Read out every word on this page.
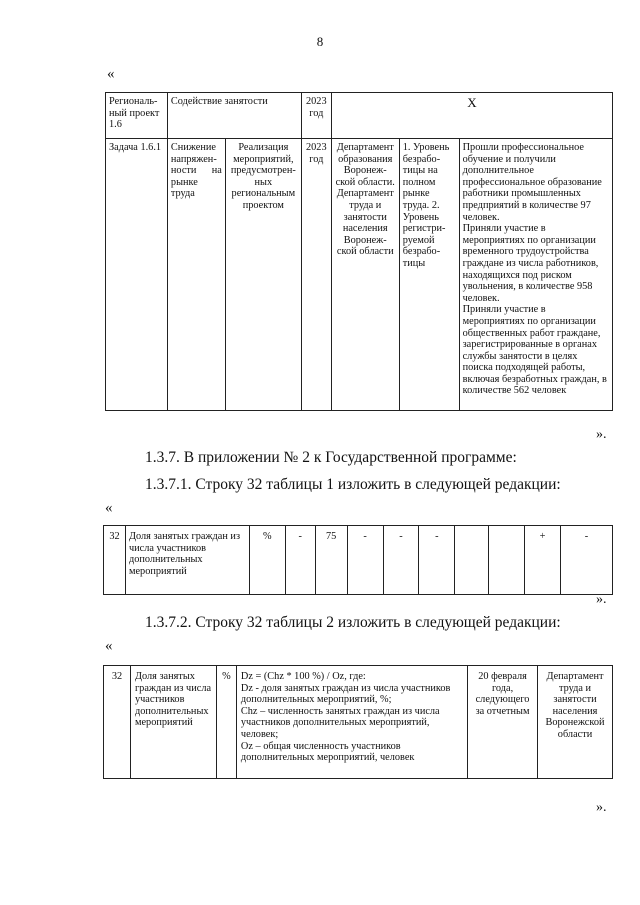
8
«
Региональ-ный проект 1.6	Содействие занятости		2023 год	X		
Задача 1.6.1	Снижение напряжен-ности на рынке труда	Реализация мероприятий, предусмотрен-ных региональным проектом	2023 год	Департамент образования Воронеж-ской области. Департамент труда и занятости населения Воронеж-ской области	1. Уровень безрабо-тицы на полном рынке труда. 2. Уровень регистри-руемой безрабо-тицы	Прошли профессиональное обучение и получили дополнительное профессиональное образование работники промышленных предприятий в количестве 97 человек.
Приняли участие в мероприятиях по организации временного трудоустройства граждане из числа работников, находящихся под риском увольнения, в количестве 958 человек.
Приняли участие в мероприятиях по организации общественных работ граждане, зарегистрированные в органах службы занятости в целях поиска подходящей работы, включая безработных граждан, в количестве 562 человек
».
1.3.7. В приложении № 2 к Государственной программе:
1.3.7.1. Строку 32 таблицы 1 изложить в следующей редакции:
«
32	Доля занятых граждан из числа участников дополнительных мероприятий	%	-	75	-	-	-			+	-
».
1.3.7.2. Строку 32 таблицы 2 изложить в следующей редакции:
«
32	Доля занятых граждан из числа участников дополнительных мероприятий	%	Dz = (Chz * 100 %) / Oz, где:
Dz - доля занятых граждан из числа участников дополнительных мероприятий, %;
Chz – численность занятых граждан из числа участников дополнительных мероприятий, человек;
Oz – общая численность участников дополнительных мероприятий, человек
	20 февраля года, следующего за отчетным	Департамент труда и занятости населения Воронежской области
».
